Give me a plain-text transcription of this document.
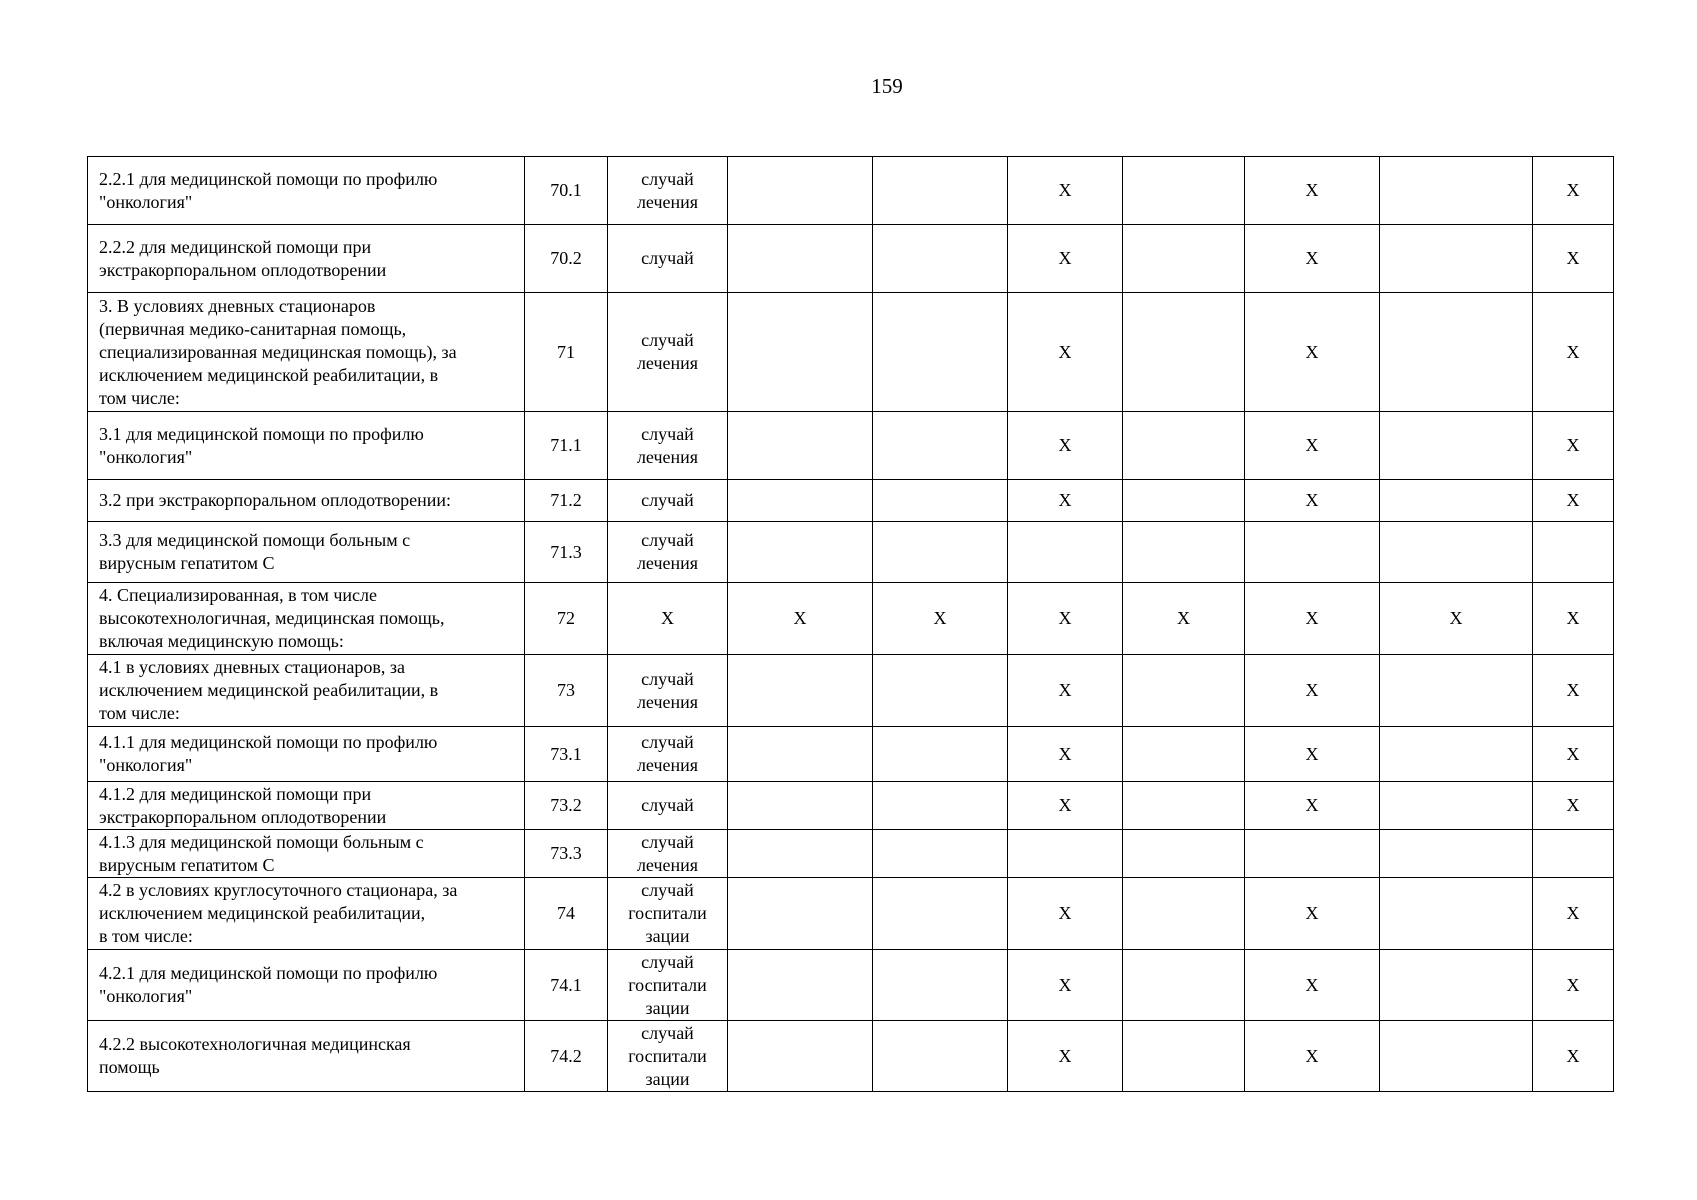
159
2.2.1 для медицинской помощи по профилю
"онкология"	70.1	случай
лечения			X		X		X
2.2.2 для медицинской помощи при
экстракорпоральном оплодотворении	70.2	случай			X		X		X
3. В условиях дневных стационаров
(первичная медико-санитарная помощь,
специализированная медицинская помощь), за
исключением медицинской реабилитации, в
том числе:	71	случай
лечения			X		X		X
3.1 для медицинской помощи по профилю
"онкология"	71.1	случай
лечения			X		X		X
3.2 при экстракорпоральном оплодотворении:	71.2	случай			X		X		X
3.3 для медицинской помощи больным с
вирусным гепатитом С	71.3	случай
лечения							
4. Специализированная, в том числе
высокотехнологичная, медицинская помощь,
включая медицинскую помощь:	72	X	X	X	X	X	X	X	X
4.1 в условиях дневных стационаров, за
исключением медицинской реабилитации, в
том числе:	73	случай
лечения			X		X		X
4.1.1 для медицинской помощи по профилю
"онкология"	73.1	случай
лечения			X		X		X
4.1.2 для медицинской помощи при
экстракорпоральном оплодотворении	73.2	случай			X		X		X
4.1.3 для медицинской помощи больным с
вирусным гепатитом С	73.3	случай
лечения							
4.2 в условиях круглосуточного стационара, за
исключением медицинской реабилитации,
в том числе:	74	случай
госпитали
зации			X		X		X
4.2.1 для медицинской помощи по профилю
"онкология"	74.1	случай
госпитали
зации			X		X		X
4.2.2 высокотехнологичная медицинская
помощь	74.2	случай
госпитали
зации			X		X		X
